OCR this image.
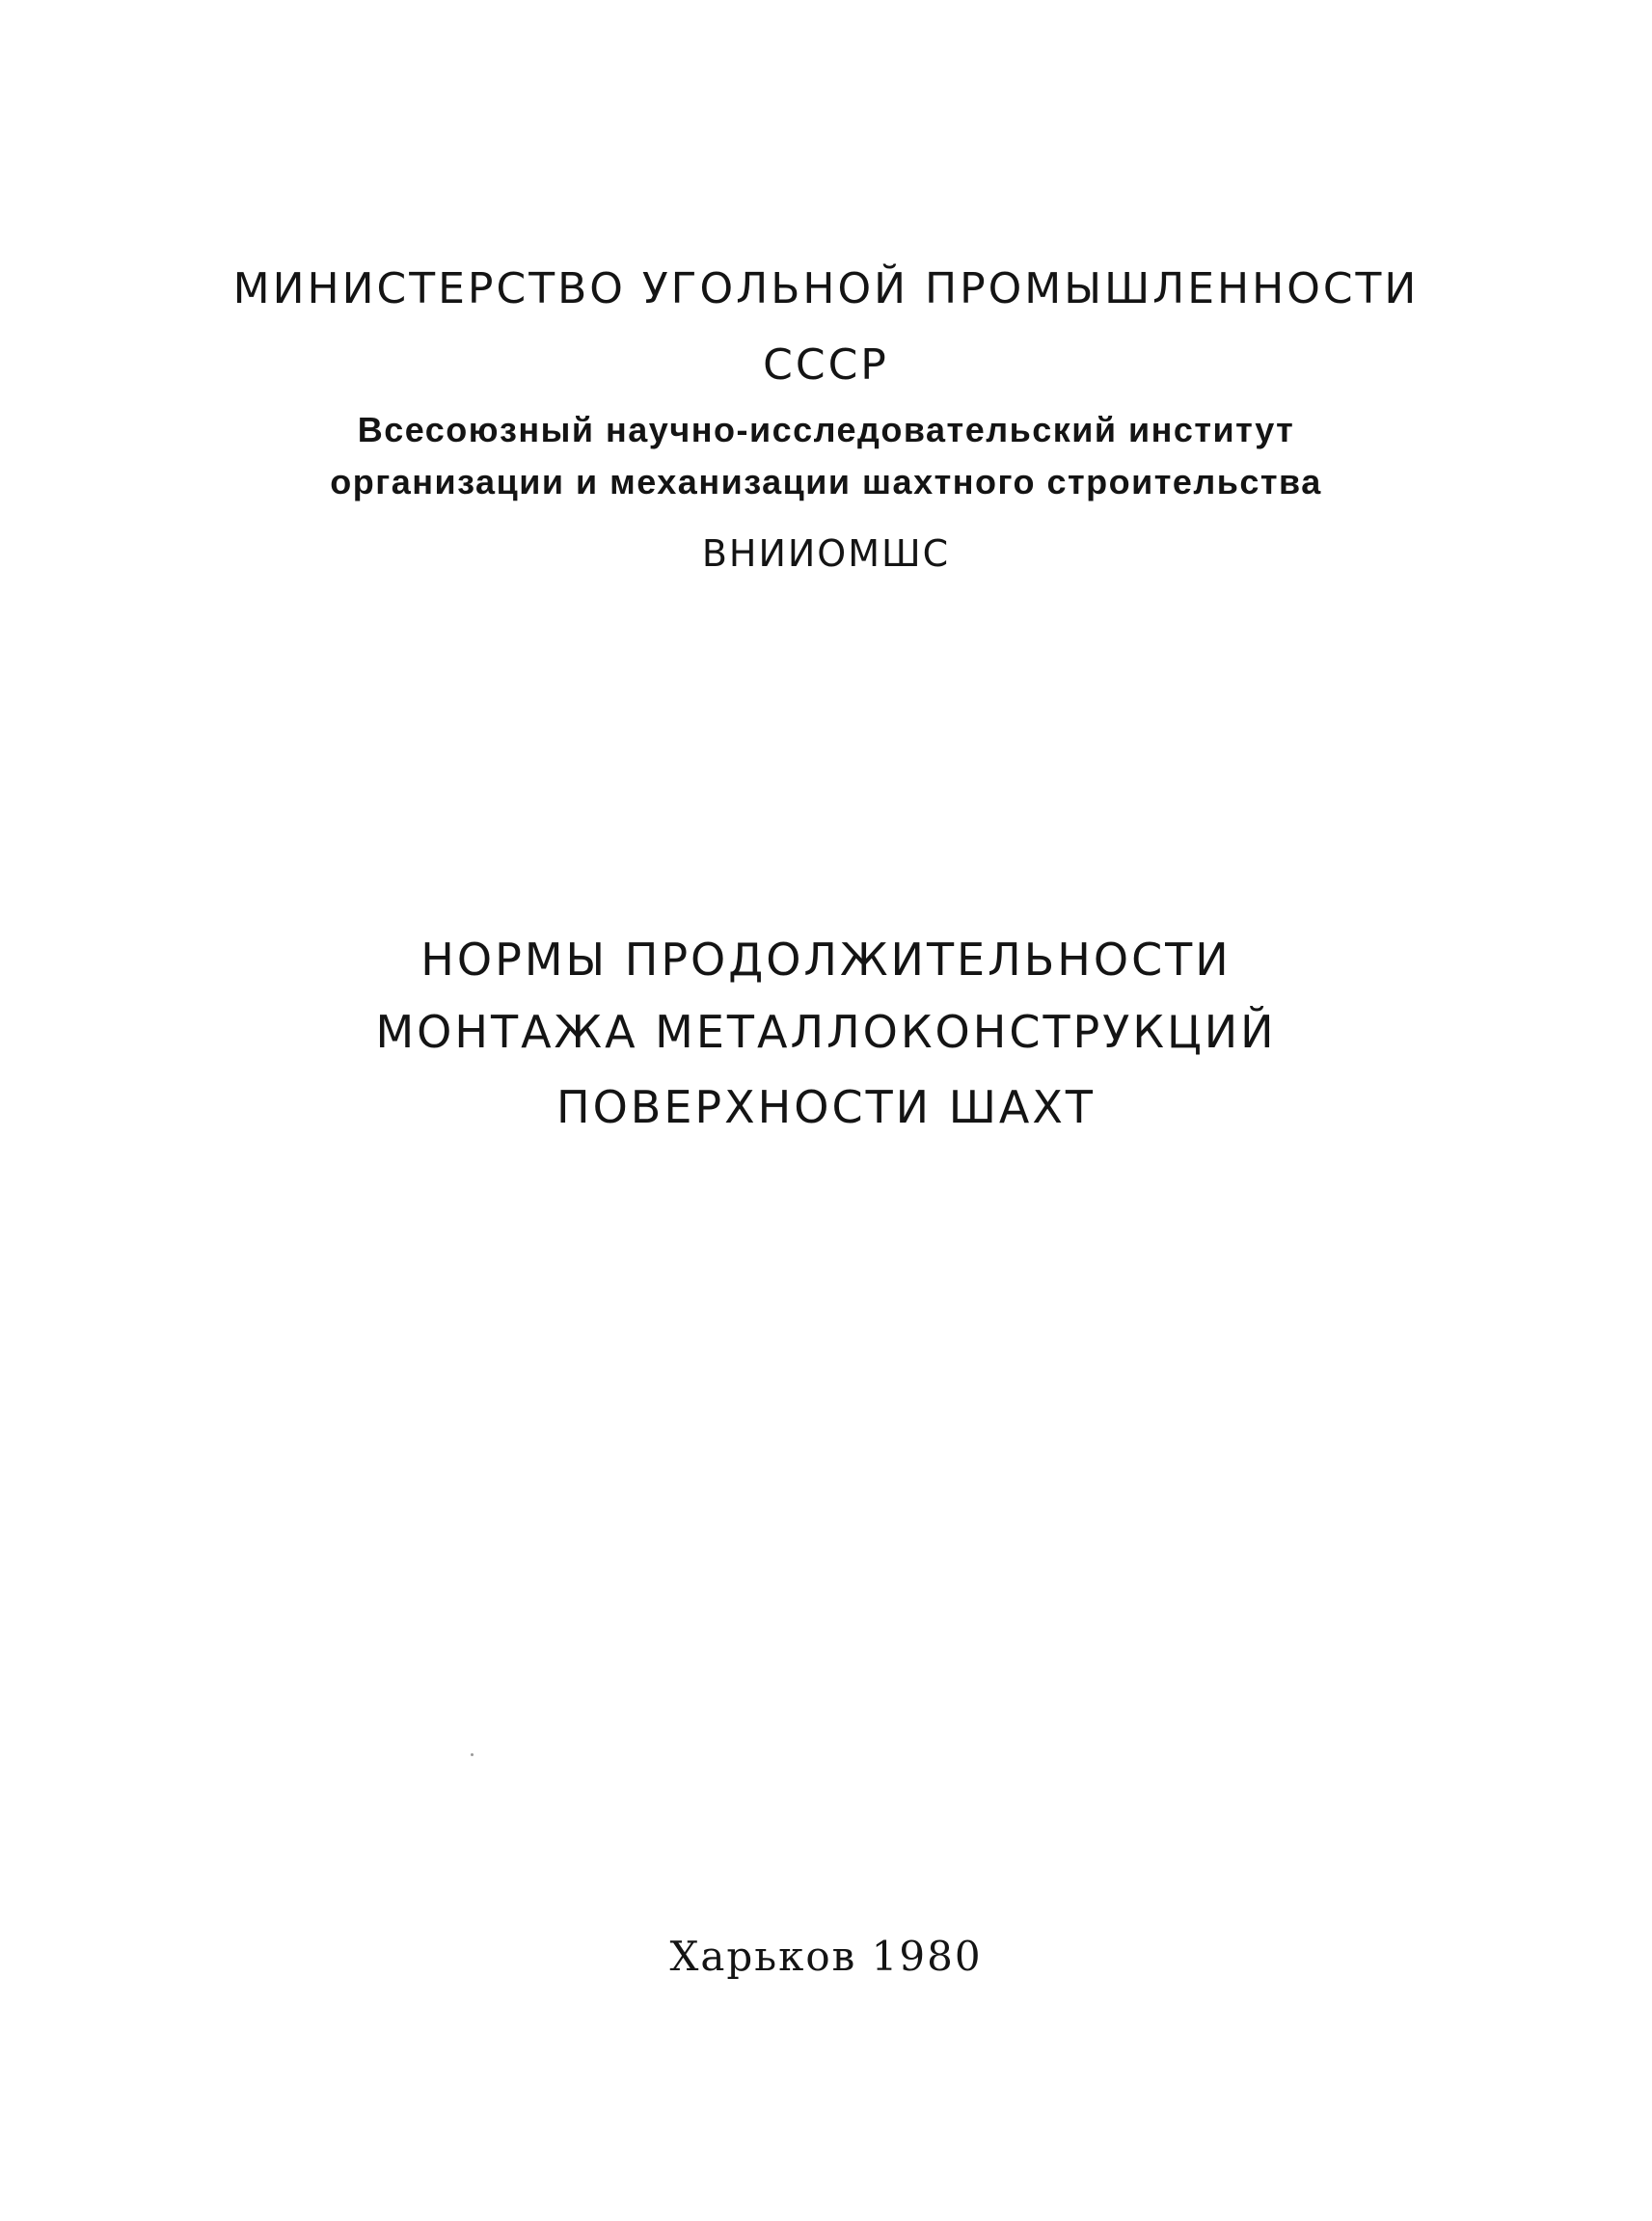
МИНИСТЕРСТВО УГОЛЬНОЙ ПРОМЫШЛЕННОСТИ
СССР
Всесоюзный научно-исследовательский институт
организации и механизации шахтного строительства
ВНИИОМШС
НОРМЫ ПРОДОЛЖИТЕЛЬНОСТИ
МОНТАЖА МЕТАЛЛОКОНСТРУКЦИЙ
ПОВЕРХНОСТИ ШАХТ
Харьков 1980
